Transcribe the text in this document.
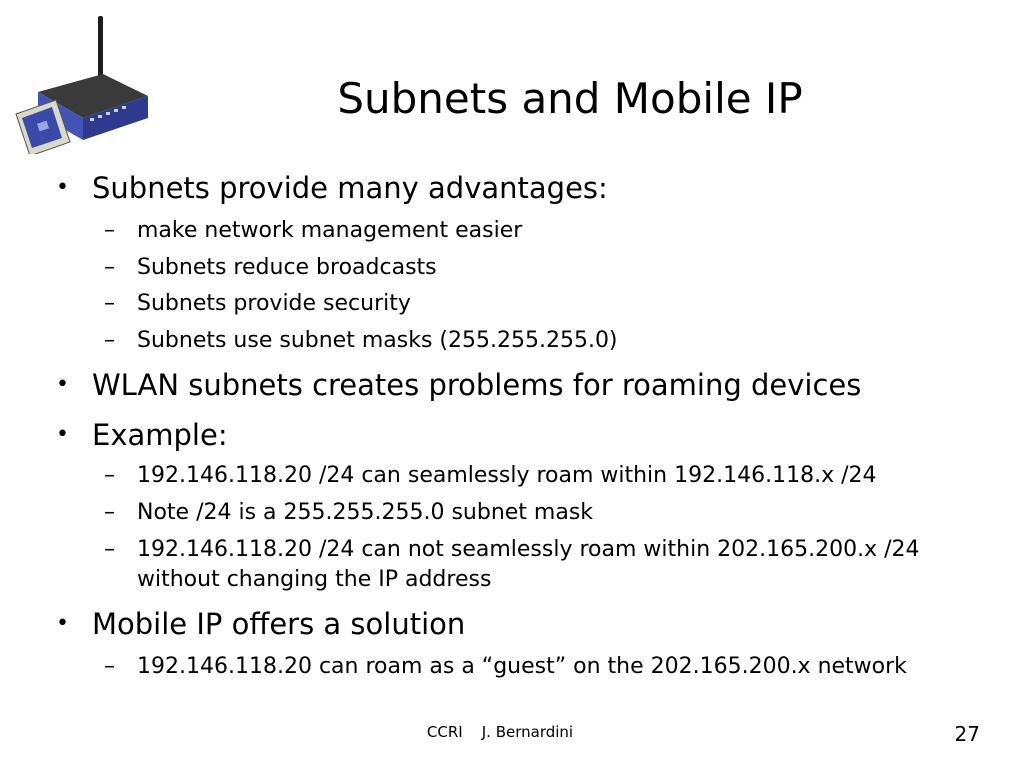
Subnets and Mobile IP
• Subnets provide many advantages:
– make network management easier
– Subnets reduce broadcasts
– Subnets provide security
– Subnets use subnet masks (255.255.255.0)
• WLAN subnets creates problems for roaming devices
• Example:
– 192.146.118.20 /24 can seamlessly roam within 192.146.118.x /24
– Note /24 is a 255.255.255.0 subnet mask
– 192.146.118.20 /24 can not seamlessly roam within 202.165.200.x /24
without changing the IP address
• Mobile IP offers a solution
– 192.146.118.20 can roam as a “guest” on the 202.165.200.x network
CCRI    J. Bernardini	27
